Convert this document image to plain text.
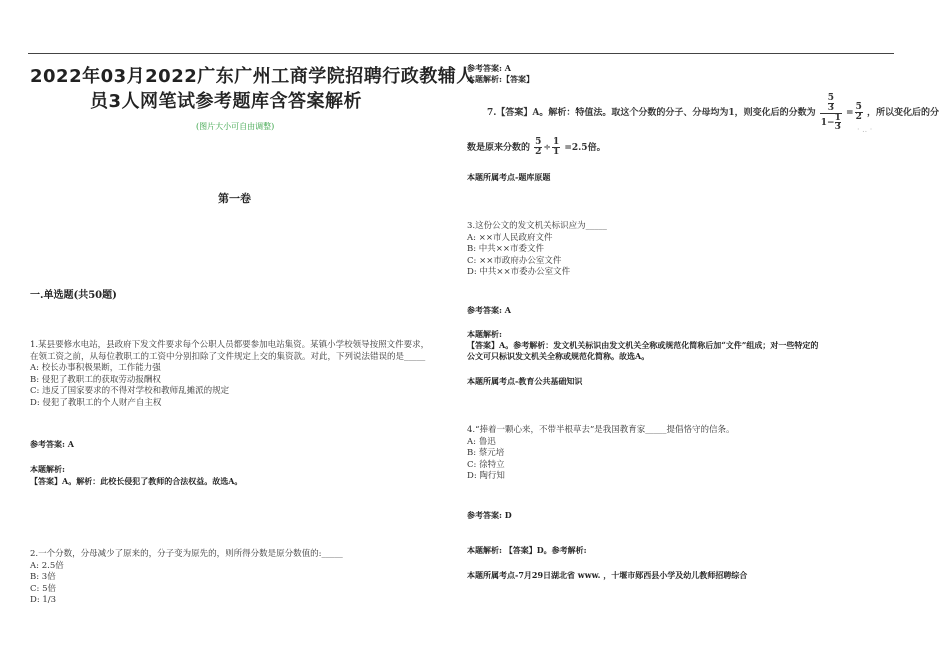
2022年03月2022广东广州工商学院招聘行政教辅人
员3人网笔试参考题库含答案解析
(图片大小可自由调整)
第一卷
一.单选题(共50题)
1.某县要修水电站，县政府下发文件要求每个公职人员都要参加电站集资。某镇小学校领导按照文件要求，
在领工资之前，从每位教职工的工资中分别扣除了文件规定上交的集资款。对此，下列说法错误的是_____
A: 校长办事积极果断，工作能力强
B: 侵犯了教职工的获取劳动报酬权
C: 违反了国家要求的不得对学校和教师乱摊派的规定
D: 侵犯了教职工的个人财产自主权
参考答案: A
本题解析:
【答案】A。解析：此校长侵犯了教师的合法权益。故选A。
2.一个分数，分母减少了原来的，分子变为原先的，则所得分数是原分数值的:_____
A: 2.5倍
B: 3倍
C: 5倍
D: 1/3
参考答案: A
本题解析:【答案】
7.【答案】A。解析：特值法。取这个分数的分子、分母均为1，则变化后的分数为
5
3
$1- \frac{1}{3}$
= $\frac{5}{2}$ ，所以变化后的分
· .. ·
数是原来分数的 $\frac{5}{2} \div \frac{1}{1} =2.5$倍。
本题所属考点-题库原题
3.这份公文的发文机关标识应为_____
A: ××市人民政府文件
B: 中共××市委文件
C: ××市政府办公室文件
D: 中共××市委办公室文件
参考答案: A
本题解析:
【答案】A。参考解析：发文机关标识由发文机关全称或规范化简称后加“文件”组成；对一些特定的
公文可只标识发文机关全称或规范化简称。故选A。
本题所属考点-教育公共基础知识
4.“捧着一颗心来，不带半根草去”是我国教育家_____提倡恪守的信条。
A: 鲁迅
B: 蔡元培
C: 徐特立
D: 陶行知
参考答案: D
本题解析: 【答案】D。参考解析:
本题所属考点-7月29日湖北省 www. ，十堰市郧西县小学及幼儿教师招聘综合
